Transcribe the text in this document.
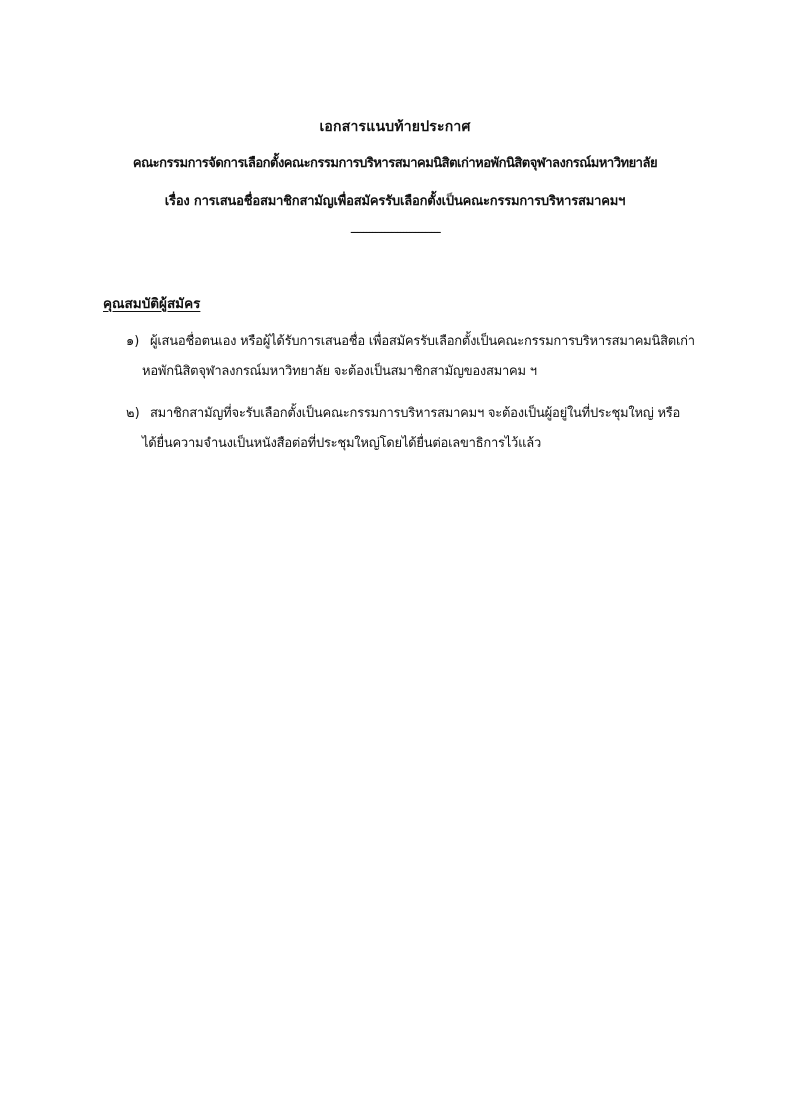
เอกสารแนบท้ายประกาศ
คณะกรรมการจัดการเลือกตั้งคณะกรรมการบริหารสมาคมนิสิตเก่าหอพักนิสิตจุฬาลงกรณ์มหาวิทยาลัย
เรื่อง การเสนอชื่อสมาชิกสามัญเพื่อสมัครรับเลือกตั้งเป็นคณะกรรมการบริหารสมาคมฯ
-----------------------------
คุณสมบัติผู้สมัคร
๑) ผู้เสนอชื่อตนเอง หรือผู้ได้รับการเสนอชื่อ เพื่อสมัครรับเลือกตั้งเป็นคณะกรรมการบริหารสมาคมนิสิตเก่า
หอพักนิสิตจุฬาลงกรณ์มหาวิทยาลัย จะต้องเป็นสมาชิกสามัญของสมาคม ฯ
๒) สมาชิกสามัญที่จะรับเลือกตั้งเป็นคณะกรรมการบริหารสมาคมฯ จะต้องเป็นผู้อยู่ในที่ประชุมใหญ่ หรือ
ได้ยื่นความจำนงเป็นหนังสือต่อที่ประชุมใหญ่โดยได้ยื่นต่อเลขาธิการไว้แล้ว
